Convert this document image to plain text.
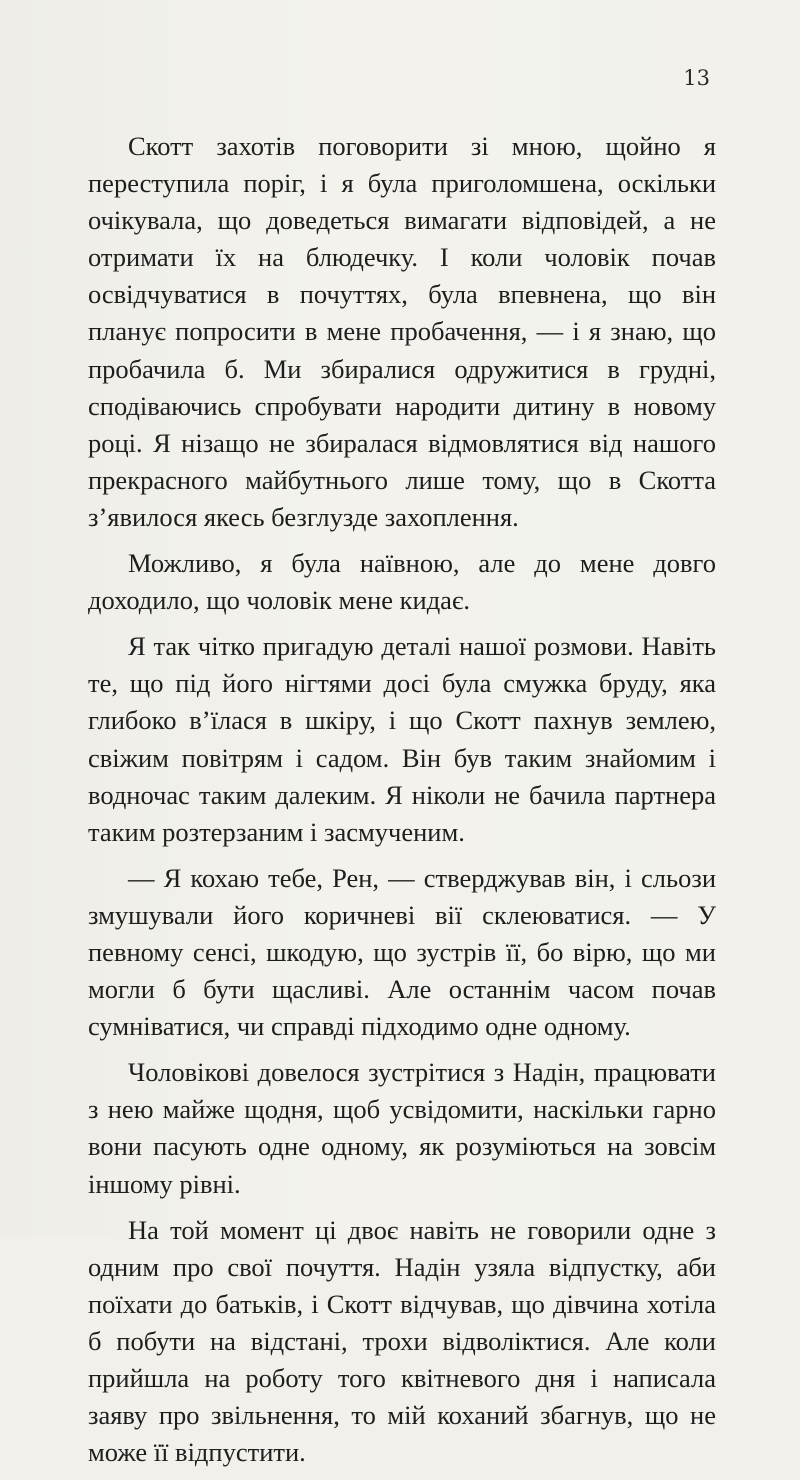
13

Скотт захотів поговорити зі мною, щойно я переступила поріг, і я була приголомшена, оскільки очікувала, що доведеться вимагати відповідей, а не отримати їх на блюдечку. І коли чоловік почав освідчуватися в почуттях, була впевнена, що він планує попросити в мене пробачення, — і я знаю, що пробачила б. Ми збиралися одружитися в грудні, сподіваючись спробувати народити дитину в новому році. Я нізащо не збиралася відмовлятися від нашого прекрасного майбутнього лише тому, що в Скотта з’явилося якесь безглузде захоплення.

Можливо, я була наївною, але до мене довго доходило, що чоловік мене кидає.

Я так чітко пригадую деталі нашої розмови. Навіть те, що під його нігтями досі була смужка бруду, яка глибоко в’їлася в шкіру, і що Скотт пахнув землею, свіжим повітрям і садом. Він був таким знайомим і водночас таким далеким. Я ніколи не бачила партнера таким розтерзаним і засмученим.

— Я кохаю тебе, Рен, — стверджував він, і сльози змушували його коричневі вії склеюватися. — У певному сенсі, шкодую, що зустрів її, бо вірю, що ми могли б бути щасливі. Але останнім часом почав сумніватися, чи справді підходимо одне одному.

Чоловікові довелося зустрітися з Надін, працювати з нею майже щодня, щоб усвідомити, наскільки гарно вони пасують одне одному, як розуміються на зовсім іншому рівні.

На той момент ці двоє навіть не говорили одне з одним про свої почуття. Надін узяла відпустку, аби поїхати до батьків, і Скотт відчував, що дівчина хотіла б побути на відстані, трохи відволіктися. Але коли прийшла на роботу того квітневого дня і написала заяву про звільнення, то мій коханий збагнув, що не може її відпустити.
